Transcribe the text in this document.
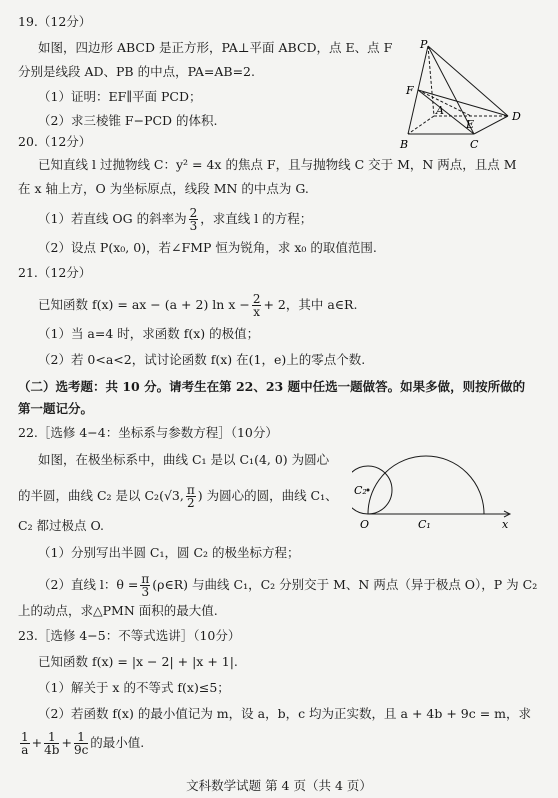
19.（12分）
如图，四边形 ABCD 是正方形，PA⊥平面 ABCD，点 E、点 F
分别是线段 AD、PB 的中点，PA=AB=2.
（1）证明：EF∥平面 PCD；
（2）求三棱锥 F−PCD 的体积.
P
F
A
E
D
B	C
20.（12分）
已知直线 l 过抛物线 C：y² = 4x 的焦点 F，且与抛物线 C 交于 M，N 两点，且点 M
在 x 轴上方，O 为坐标原点，线段 MN 的中点为 G.
（1）若直线 OG 的斜率为 $\frac{2}{3}$ ，求直线 l 的方程；
（2）设点 P(x₀, 0)，若∠FMP 恒为锐角，求 x₀ 的取值范围.
21.（12分）
已知函数 f(x) = ax − (a + 2) $\ln x - \frac{2}{x} + 2$，其中 a∈R.
（1）当 a=4 时，求函数 f(x) 的极值；
（2）若 0<a<2，试讨论函数 f(x) 在(1，e)上的零点个数.
（二）选考题：共 10 分。请考生在第 22、23 题中任选一题做答。如果多做，则按所做的
第一题记分。
22.［选修 4−4：坐标系与参数方程］（10分）
如图，在极坐标系中，曲线 C₁ 是以 C₁(4, 0) 为圆心
的半圆，曲线 C₂ 是以 C₂(√3, $\frac{\pi}{2}$ ) 为圆心的圆，曲线 C₁、
C₂ 都过极点 O.
C₂
O	C₁	x
（1）分别写出半圆 C₁，圆 C₂ 的极坐标方程；
（2）直线 l：$\theta = \frac{\pi}{3}$ (ρ∈R) 与曲线 C₁，C₂ 分别交于 M、N 两点（异于极点 O），P 为 C₂
上的动点，求△PMN 面积的最大值.
23.［选修 4−5：不等式选讲］（10分）
已知函数 f(x) = |x − 2| + |x + 1|.
（1）解关于 x 的不等式 f(x)≤5；
（2）若函数 f(x) 的最小值记为 m，设 a，b，c 均为正实数，且 a + 4b + 9c = m，求
$\frac{1}{a} + \frac{1}{4b} + \frac{1}{9c}$ 的最小值.
文科数学试题 第 4 页（共 4 页）
